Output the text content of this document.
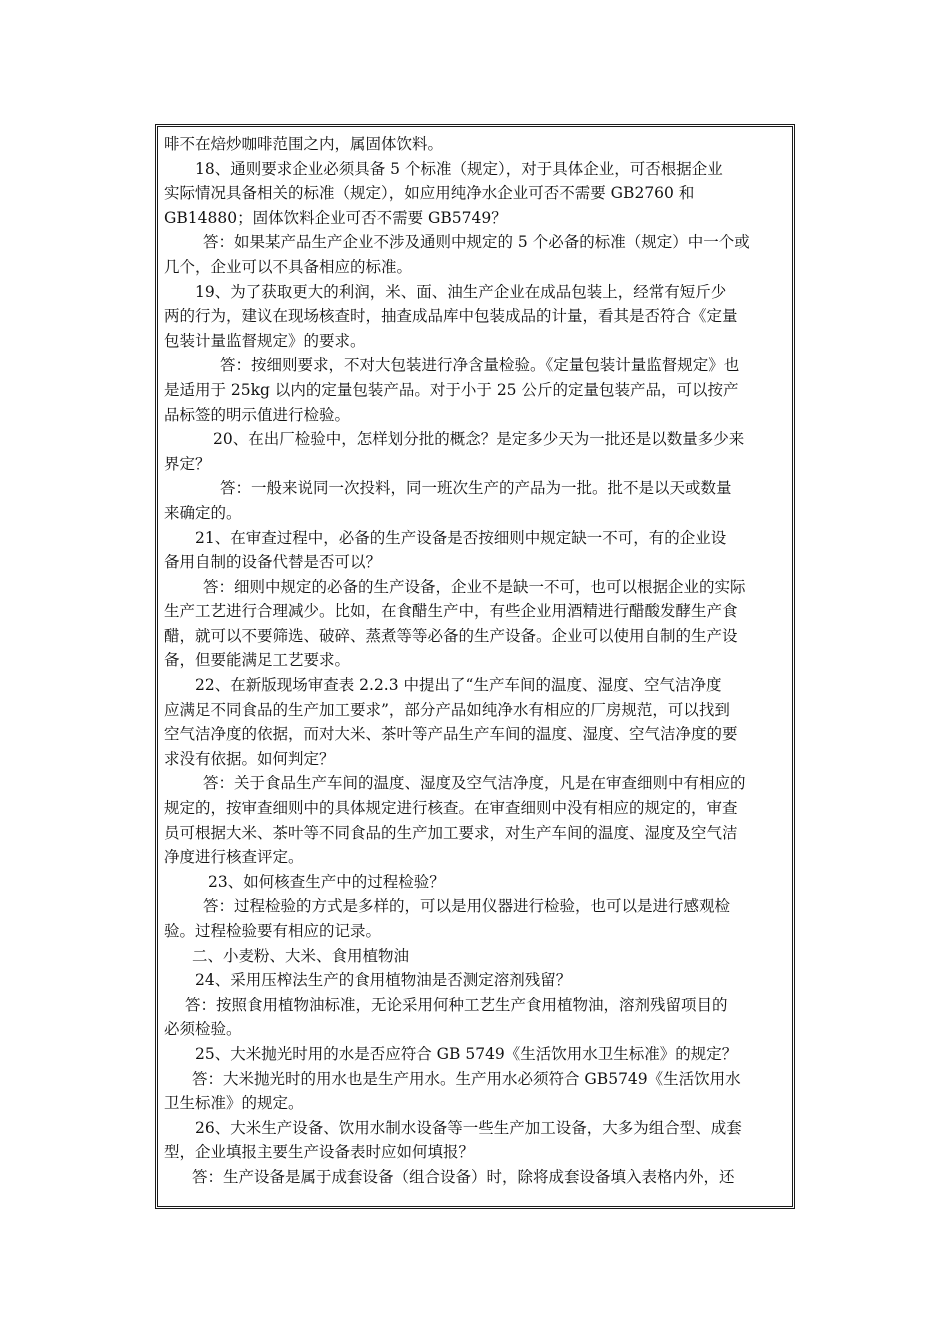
啡不在焙炒咖啡范围之内，属固体饮料。
18、通则要求企业必须具备 5 个标准（规定），对于具体企业，可否根据企业
实际情况具备相关的标准（规定），如应用纯净水企业可否不需要 GB2760 和
GB14880；固体饮料企业可否不需要 GB5749？
答：如果某产品生产企业不涉及通则中规定的 5 个必备的标准（规定）中一个或
几个，企业可以不具备相应的标准。
19、为了获取更大的利润，米、面、油生产企业在成品包装上，经常有短斤少
两的行为，建议在现场核查时，抽查成品库中包装成品的计量，看其是否符合《定量
包装计量监督规定》的要求。
答：按细则要求，不对大包装进行净含量检验。《定量包装计量监督规定》也
是适用于 25kg 以内的定量包装产品。对于小于 25 公斤的定量包装产品，可以按产
品标签的明示值进行检验。
20、在出厂检验中，怎样划分批的概念？是定多少天为一批还是以数量多少来
界定？
答：一般来说同一次投料，同一班次生产的产品为一批。批不是以天或数量
来确定的。
21、在审查过程中，必备的生产设备是否按细则中规定缺一不可，有的企业设
备用自制的设备代替是否可以？
答：细则中规定的必备的生产设备，企业不是缺一不可，也可以根据企业的实际
生产工艺进行合理减少。比如，在食醋生产中，有些企业用酒精进行醋酸发酵生产食
醋，就可以不要筛选、破碎、蒸煮等等必备的生产设备。企业可以使用自制的生产设
备，但要能满足工艺要求。
22、在新版现场审查表 2.2.3 中提出了“生产车间的温度、湿度、空气洁净度
应满足不同食品的生产加工要求”，部分产品如纯净水有相应的厂房规范，可以找到
空气洁净度的依据，而对大米、茶叶等产品生产车间的温度、湿度、空气洁净度的要
求没有依据。如何判定？
答：关于食品生产车间的温度、湿度及空气洁净度，凡是在审查细则中有相应的
规定的，按审查细则中的具体规定进行核查。在审查细则中没有相应的规定的，审查
员可根据大米、茶叶等不同食品的生产加工要求，对生产车间的温度、湿度及空气洁
净度进行核查评定。
23、如何核查生产中的过程检验？
答：过程检验的方式是多样的，可以是用仪器进行检验，也可以是进行感观检
验。过程检验要有相应的记录。
二、小麦粉、大米、食用植物油
24、采用压榨法生产的食用植物油是否测定溶剂残留？
答：按照食用植物油标准，无论采用何种工艺生产食用植物油，溶剂残留项目的
必须检验。
25、大米抛光时用的水是否应符合 GB 5749《生活饮用水卫生标准》的规定？
答：大米抛光时的用水也是生产用水。生产用水必须符合 GB5749《生活饮用水
卫生标准》的规定。
26、大米生产设备、饮用水制水设备等一些生产加工设备，大多为组合型、成套
型，企业填报主要生产设备表时应如何填报？
答：生产设备是属于成套设备（组合设备）时，除将成套设备填入表格内外，还
